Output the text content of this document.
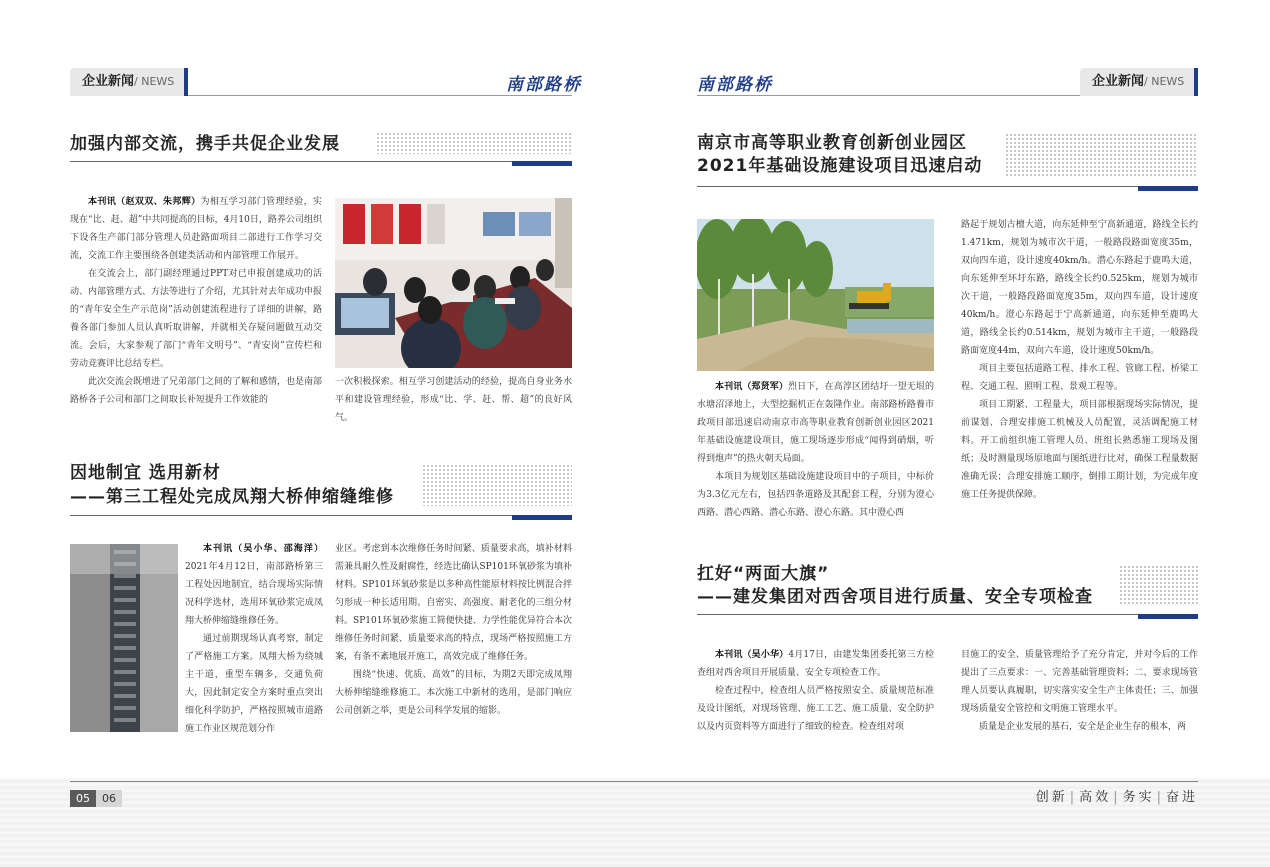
企业新闻/ NEWS	南部路桥
加强内部交流，携手共促企业发展

本刊讯（赵双双、朱邦辉）为相互学习部门管理经验，实现在“比、赶、超”中共同提高的目标，4月10日，路养公司组织下设各生产部门部分管理人员赴路面项目二部进行工作学习交流，交流工作主要围绕各创建类活动和内部管理工作展开。

在交流会上，部门副经理通过PPT对已申报创建成功的活动、内部管理方式、方法等进行了介绍，尤其针对去年成功申报的“青年安全生产示范岗”活动创建流程进行了详细的讲解，路養各部门参加人员认真听取讲解，并就相关存疑问题做互动交流。会后，大家参观了部门“青年文明号”、“青安岗”宣传栏和劳动竞赛评比总结专栏。

此次交流会既增进了兄弟部门之间的了解和感情，也是南部路桥各子公司和部门之间取长补短提升工作效能的

一次积极探索。相互学习创建活动的经验，提高自身业务水平和建设管理经验，形成“比、学、赶、帮、超”的良好风气。

因地制宜 选用新材
——第三工程处完成凤翔大桥伸缩缝维修

本刊讯（吴小华、邵海洋）2021年4月12日，南部路桥第三工程处因地制宜，结合现场实际情况科学选材，选用环氧砂浆完成凤翔大桥伸缩缝维修任务。

通过前期现场认真考察，制定了严格施工方案。凤翔大桥为绕城主干道，重型车辆多，交通负荷大，因此制定安全方案时重点突出细化科学防护，严格按照城市道路施工作业区规范划分作

业区。考虑到本次维修任务时间紧、质量要求高，填补材料需兼具耐久性及耐腐性，经选比确认SP101环氧砂浆为填补材料。SP101环氧砂浆是以多种高性能原材料按比例混合拌匀形成一种长适用期、自密实、高强度、耐老化的三组分材料。SP101环氧砂浆施工简便快捷、力学性能优异符合本次维修任务时间紧、质量要求高的特点，现场严格按照施工方案，有条不紊地展开施工，高效完成了维修任务。

围绕“快速、优质、高效”的目标，为期2天即完成凤翔大桥伸缩缝维修施工。本次施工中新材的选用，是部门响应公司创新之举，更是公司科学发展的缩影。

南部路桥	企业新闻/ NEWS
南京市高等职业教育创新创业园区
2021年基础设施建设项目迅速启动

本刊讯（郑贤军）烈日下，在高淳区团结圩一望无垠的水塘沼泽地上，大型挖掘机正在轰隆作业。南部路桥路養市政项目部迅速启动南京市高等职业教育创新创业园区2021年基础设施建设项目，施工现场逐步形成“闻得到硝烟，听得到炮声”的热火朝天局面。

本项目为规划区基础设施建设项目中的子项目，中标价为3.3亿元左右，包括四条道路及其配套工程，分别为澄心西路、潜心西路、潜心东路、澄心东路。其中澄心西

路起于规划古檀大道，向东延伸至宁高新通道，路线全长约1.471km，规划为城市次干道，一般路段路面宽度35m，双向四车道，设计速度40km/h。潜心东路起于鹿鸣大道，向东延伸至环圩东路，路线全长约0.525km，规划为城市次干道，一般路段路面宽度35m，双向四车道，设计速度40km/h。澄心东路起于宁高新通道，向东延伸至鹿鸣大道，路线全长约0.514km，规划为城市主干道，一般路段路面宽度44m，双向六车道，设计速度50km/h。

项目主要包括道路工程、排水工程、管廊工程、桥梁工程、交通工程、照明工程、景观工程等。

项目工期紧、工程量大，项目部根据现场实际情况，提前谋划、合理安排施工机械及人员配置，灵活调配施工材料。开工前组织施工管理人员、班组长熟悉施工现场及图纸；及时测量现场原地面与图纸进行比对，确保工程量数据准确无误；合理安排施工顺序，倒排工期计划，为完成年度施工任务提供保障。

扛好“两面大旗”
——建发集团对西舍项目进行质量、安全专项检查

本刊讯（吴小华）4月17日，由建发集团委托第三方检查组对西舍项目开展质量、安全专项检查工作。

检查过程中，检查组人员严格按照安全、质量规范标准及设计图纸，对现场管理、施工工艺、施工质量、安全防护以及内页资料等方面进行了细致的检查。检查组对项

目施工的安全、质量管理给予了充分肯定，并对今后的工作提出了三点要求：一、完善基础管理资料；二、要求现场管理人员要认真履职，切实落实安全生产主体责任；三、加强现场质量安全管控和文明施工管理水平。

质量是企业发展的基石，安全是企业生存的根本，两

05	06	创新 | 高效 | 务实 | 奋进
